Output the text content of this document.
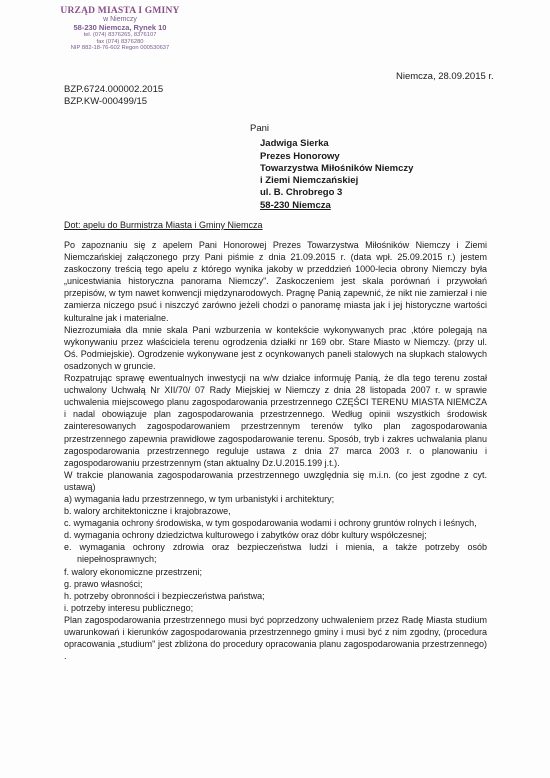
URZĄD MIASTA I GMINY
w Niemczy
58-230 Niemcza, Rynek 10
tel. (074) 8376265, 8376107
fax (074) 8376280
NIP 882-18-76-602 Regon 000530637
Niemcza, 28.09.2015 r.
BZP.6724.000002.2015
BZP.KW-000499/15
Pani
Jadwiga Sierka
Prezes Honorowy
Towarzystwa Miłośników Niemczy
i Ziemi Niemczańskiej
ul. B. Chrobrego 3
58-230 Niemcza
Dot: apelu do Burmistrza Miasta i Gminy Niemcza

Po zapoznaniu się z apelem Pani Honorowej Prezes Towarzystwa Miłośników Niemczy i Ziemi Niemczańskiej załączonego przy Pani piśmie z dnia 21.09.2015 r. (data wpł. 25.09.2015 r.) jestem zaskoczony treścią tego apelu z którego wynika jakoby w przeddzień 1000-lecia obrony Niemczy była „unicestwiania historyczna panorama Niemczy". Zaskoczeniem jest skala porównań i przywołań przepisów, w tym nawet konwencji międzynarodowych. Pragnę Panią zapewnić, że nikt nie zamierzał i nie zamierza niczego psuć i niszczyć zarówno jeżeli chodzi o panoramę miasta jak i jej historyczne wartości kulturalne jak i materialne.

Niezrozumiała dla mnie skala Pani wzburzenia w kontekście wykonywanych prac ,które polegają na wykonywaniu przez właściciela terenu ogrodzenia działki nr 169 obr. Stare Miasto w Niemczy. (przy ul. Oś. Podmiejskie). Ogrodzenie wykonywane jest z ocynkowanych paneli stalowych na słupkach stalowych osadzonych w gruncie.

Rozpatrując sprawę ewentualnych inwestycji na w/w działce informuję Panią, że dla tego terenu został uchwalony Uchwałą Nr XII/70/ 07 Rady Miejskiej w Niemczy z dnia 28 listopada 2007 r. w sprawie uchwalenia miejscowego planu zagospodarowania przestrzennego CZĘŚCI TERENU MIASTA NIEMCZA i nadal obowiązuje plan zagospodarowania przestrzennego. Według opinii wszystkich środowisk zainteresowanych zagospodarowaniem przestrzennym terenów tylko plan zagospodarowania przestrzennego zapewnia prawidłowe zagospodarowanie terenu. Sposób, tryb i zakres uchwalania planu zagospodarowania przestrzennego reguluje ustawa z dnia 27 marca 2003 r. o planowaniu i zagospodarowaniu przestrzennym (stan aktualny Dz.U.2015.199 j.t.).

W trakcie planowania zagospodarowania przestrzennego uwzględnia się m.i.n. (co jest zgodne z cyt. ustawą)

a) wymagania ładu przestrzennego, w tym urbanistyki i architektury;

b. walory architektoniczne i krajobrazowe,

c. wymagania ochrony środowiska, w tym gospodarowania wodami i ochrony gruntów rolnych i leśnych,

d. wymagania ochrony dziedzictwa kulturowego i zabytków oraz dóbr kultury współczesnej;

e. wymagania ochrony zdrowia oraz bezpieczeństwa ludzi i mienia, a także potrzeby osób niepełnosprawnych;

f. walory ekonomiczne przestrzeni;

g. prawo własności;

h. potrzeby obronności i bezpieczeństwa państwa;

i. potrzeby interesu publicznego;

Plan zagospodarowania przestrzennego musi być poprzedzony uchwaleniem przez Radę Miasta studium uwarunkowań i kierunków zagospodarowania przestrzennego gminy i musi być z nim zgodny, (procedura opracowania „studium" jest zbliżona do procedury opracowania planu zagospodarowania przestrzennego) .
